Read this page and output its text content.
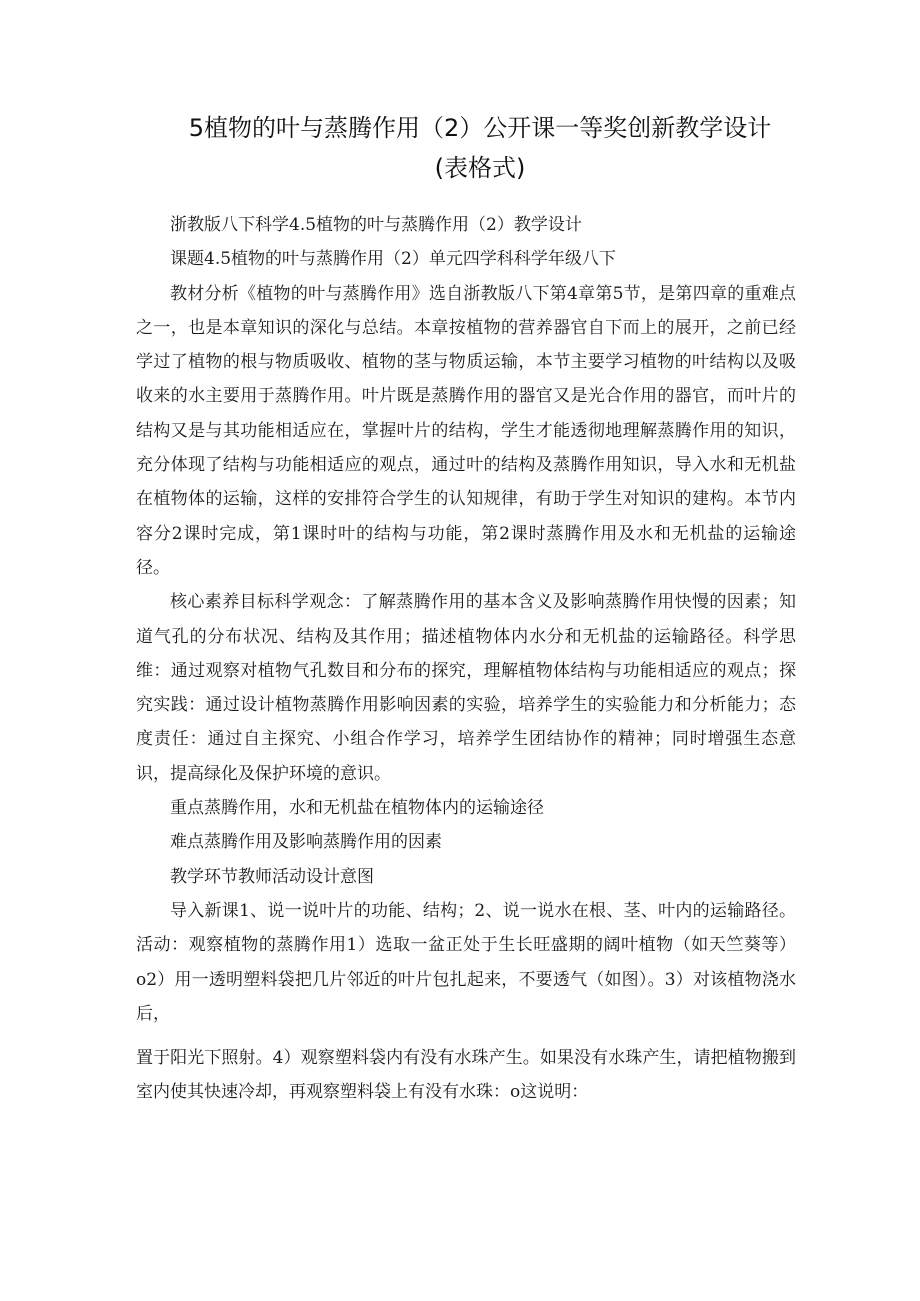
5植物的叶与蒸腾作用（2）公开课一等奖创新教学设计
(表格式)

浙教版八下科学4.5植物的叶与蒸腾作用（2）教学设计

课题4.5植物的叶与蒸腾作用（2）单元四学科科学年级八下

教材分析《植物的叶与蒸腾作用》选自浙教版八下第4章第5节，是第四章的重难点之一，也是本章知识的深化与总结。本章按植物的营养器官自下而上的展开，之前已经学过了植物的根与物质吸收、植物的茎与物质运输，本节主要学习植物的叶结构以及吸收来的水主要用于蒸腾作用。叶片既是蒸腾作用的器官又是光合作用的器官，而叶片的结构又是与其功能相适应在，掌握叶片的结构，学生才能透彻地理解蒸腾作用的知识，充分体现了结构与功能相适应的观点，通过叶的结构及蒸腾作用知识，导入水和无机盐在植物体的运输，这样的安排符合学生的认知规律，有助于学生对知识的建构。本节内容分2课时完成，第1课时叶的结构与功能，第2课时蒸腾作用及水和无机盐的运输途径。

核心素养目标科学观念：了解蒸腾作用的基本含义及影响蒸腾作用快慢的因素；知道气孔的分布状况、结构及其作用；描述植物体内水分和无机盐的运输路径。科学思维：通过观察对植物气孔数目和分布的探究，理解植物体结构与功能相适应的观点；探究实践：通过设计植物蒸腾作用影响因素的实验，培养学生的实验能力和分析能力；态度责任：通过自主探究、小组合作学习，培养学生团结协作的精神；同时增强生态意识，提高绿化及保护环境的意识。

重点蒸腾作用，水和无机盐在植物体内的运输途径

难点蒸腾作用及影响蒸腾作用的因素

教学环节教师活动设计意图

导入新课1、说一说叶片的功能、结构；2、说一说水在根、茎、叶内的运输路径。活动：观察植物的蒸腾作用1）选取一盆正处于生长旺盛期的阔叶植物（如天竺葵等）o2）用一透明塑料袋把几片邻近的叶片包扎起来，不要透气（如图）。3）对该植物浇水后，

置于阳光下照射。4）观察塑料袋内有没有水珠产生。如果没有水珠产生，请把植物搬到室内使其快速冷却，再观察塑料袋上有没有水珠：o这说明：
